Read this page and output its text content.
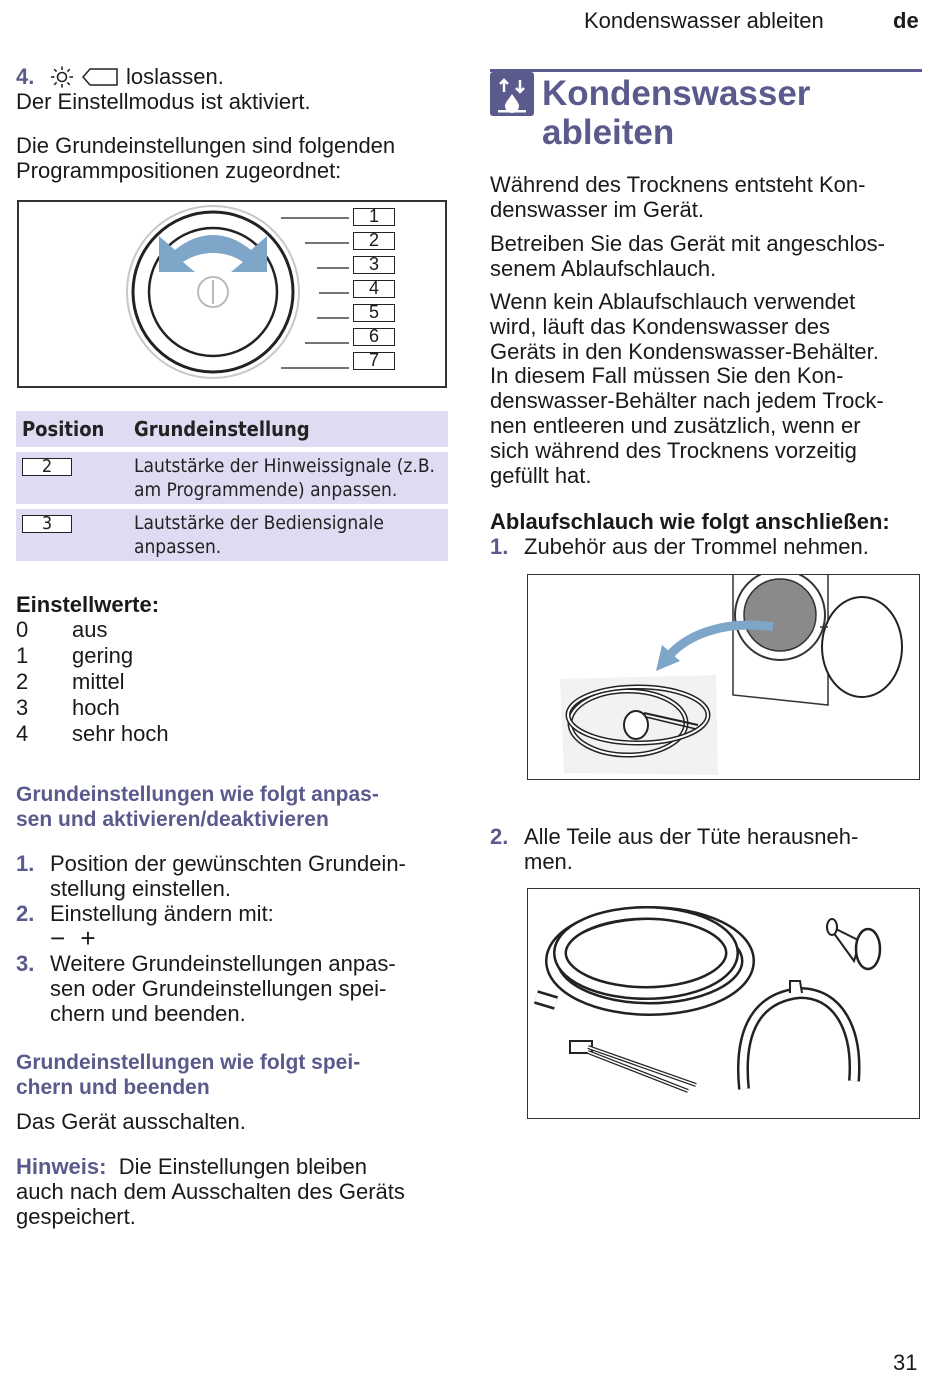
Kondenswasser ableiten	de
4.	loslassen.
Der Einstellmodus ist aktiviert.
Die Grundeinstellungen sind folgenden Programmpositionen zugeordnet:
1
2
3
4
5
6
7
Position	Grundeinstellung
2	Lautstärke der Hinweissignale (z.B.
am Programmende) anpassen.

3	Lautstärke der Bediensignale
anpassen.
Einstellwerte:
0	aus
1	gering
2	mittel
3	hoch
4	sehr hoch
Grundeinstellungen wie folgt anpas-
sen und aktivieren/deaktivieren
1. Position der gewünschten Grundein-
stellung einstellen.
2. Einstellung ändern mit:
− +
3. Weitere Grundeinstellungen anpas-
sen oder Grundeinstellungen spei-
chern und beenden.
Grundeinstellungen wie folgt spei-
chern und beenden
Das Gerät ausschalten.
Hinweis: Die Einstellungen bleiben
auch nach dem Ausschalten des Geräts
gespeichert.
Kondenswasser
ableiten
Während des Trocknens entsteht Kon-
denswasser im Gerät.
Betreiben Sie das Gerät mit angeschlos-
senem Ablaufschlauch.
Wenn kein Ablaufschlauch verwendet
wird, läuft das Kondenswasser des
Geräts in den Kondenswasser-Behälter.
In diesem Fall müssen Sie den Kon-
denswasser-Behälter nach jedem Trock-
nen entleeren und zusätzlich, wenn er
sich während des Trocknens vorzeitig
gefüllt hat.
Ablaufschlauch wie folgt anschließen:
1. Zubehör aus der Trommel nehmen.
2. Alle Teile aus der Tüte herausneh-
men.
31
